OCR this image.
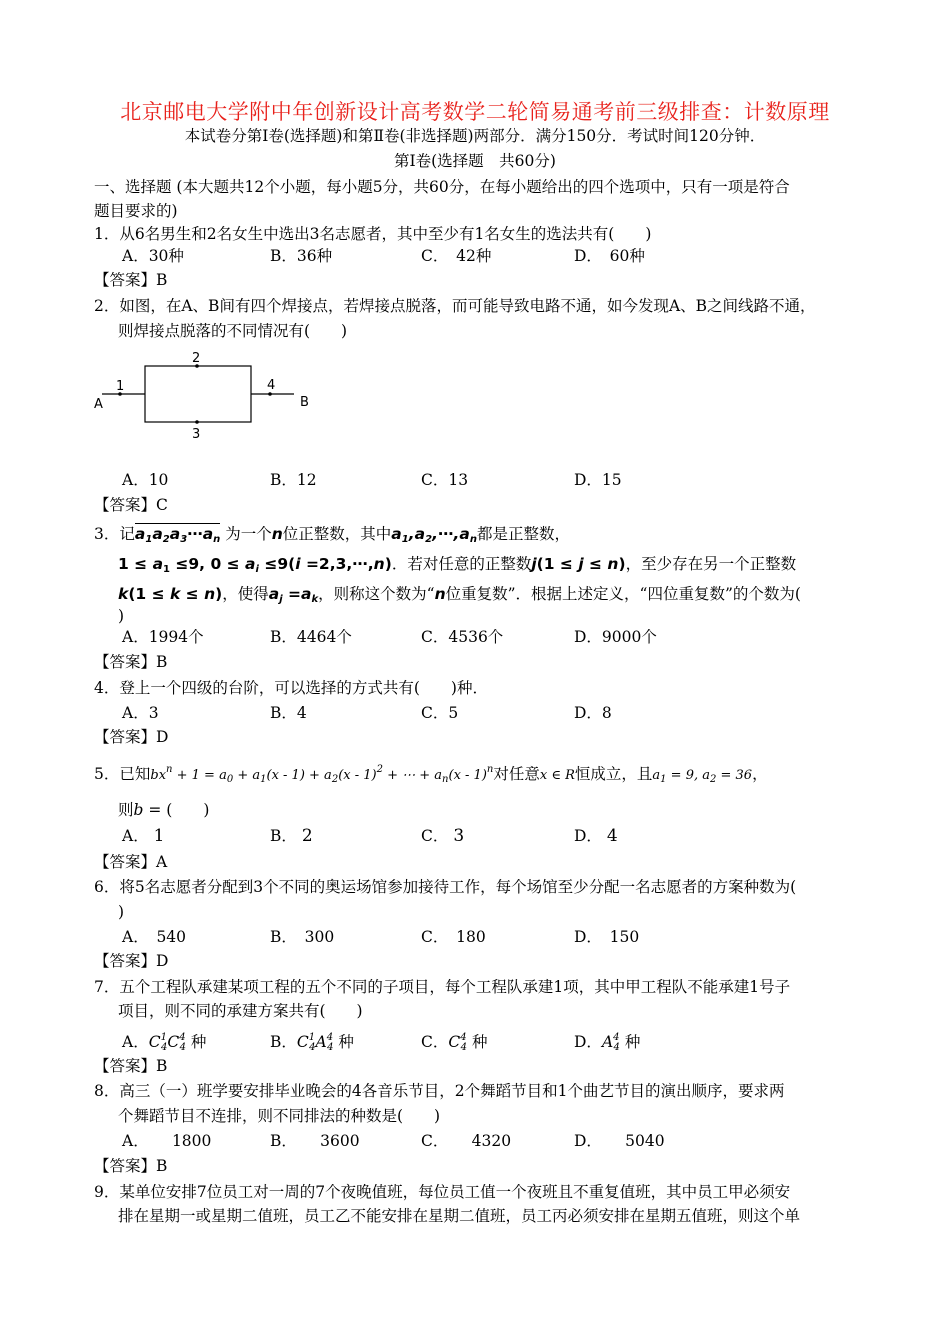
北京邮电大学附中年创新设计高考数学二轮简易通考前三级排查：计数原理
本试卷分第Ⅰ卷(选择题)和第Ⅱ卷(非选择题)两部分．满分150分．考试时间120分钟．
第Ⅰ卷(选择题　共60分)
一、选择题 (本大题共12个小题，每小题5分，共60分，在每小题给出的四个选项中，只有一项是符合
题目要求的)
1．从6名男生和2名女生中选出3名志愿者，其中至少有1名女生的选法共有(　　)
A．30种	B．36种	C．　42种	D．　60种
【答案】B
2．如图，在A、B间有四个焊接点，若焊接点脱落，而可能导致电路不通，如今发现A、B之间线路不通，
则焊接点脱落的不同情况有(　　)
1
2
3
4
A	B
A．10	B．12	C．13	D．15
【答案】C
3．记$a_1a_2a_3\cdots a_n$ 为一个n位正整数，其中$a_1,a_2,\cdots,a_n$都是正整数，
$1 \le a_1 \le 9$, $0 \le a_i \le 9(i$ =2,3,⋯,n)．若对任意的正整数j(1 ≤ j ≤ n)，至少存在另一个正整数
k(1 ≤ k ≤ n)，使得$a_j =a_k$，则称这个数为“n位重复数”．根据上述定义，“四位重复数”的个数为(
)
A．1994个	B．4464个	C．4536个	D．9000个
【答案】B
4．登上一个四级的台阶，可以选择的方式共有(　　)种．
A．3	B．4	C．5	D．8
【答案】D
5．已知$bx^n + 1 = a_0 + a_1(x - 1) + a_2(x - 1)^2$ + ⋯ + $a_n(x - 1)^n$对任意x ∈ R恒成立，且$a_1 = 9$, $a_2 = 36$，
则b = (　　)
A． 1	B． 2	C． 3	D． 4
【答案】A
6．将5名志愿者分配到3个不同的奥运场馆参加接待工作，每个场馆至少分配一名志愿者的方案种数为(
)
A．　540	B．　300	C．　180	D．　150
【答案】D
7．五个工程队承建某项工程的五个不同的子项目，每个工程队承建1项，其中甲工程队不能承建1号子
项目，则不同的承建方案共有(　　)
A．$C^1_4C^4_4$ 种	B．$C^1_4A^4_4$ 种	C．$C^4_4$ 种	D．$A^4_4$ 种
【答案】B
8．高三（一）班学要安排毕业晚会的4各音乐节目，2个舞蹈节目和1个曲艺节目的演出顺序，要求两
个舞蹈节目不连排，则不同排法的种数是(　　)
A．　　1800	B．　　3600	C．　　4320	D．　　5040
【答案】B
9．某单位安排7位员工对一周的7个夜晚值班，每位员工值一个夜班且不重复值班，其中员工甲必须安
排在星期一或星期二值班，员工乙不能安排在星期二值班，员工丙必须安排在星期五值班，则这个单
